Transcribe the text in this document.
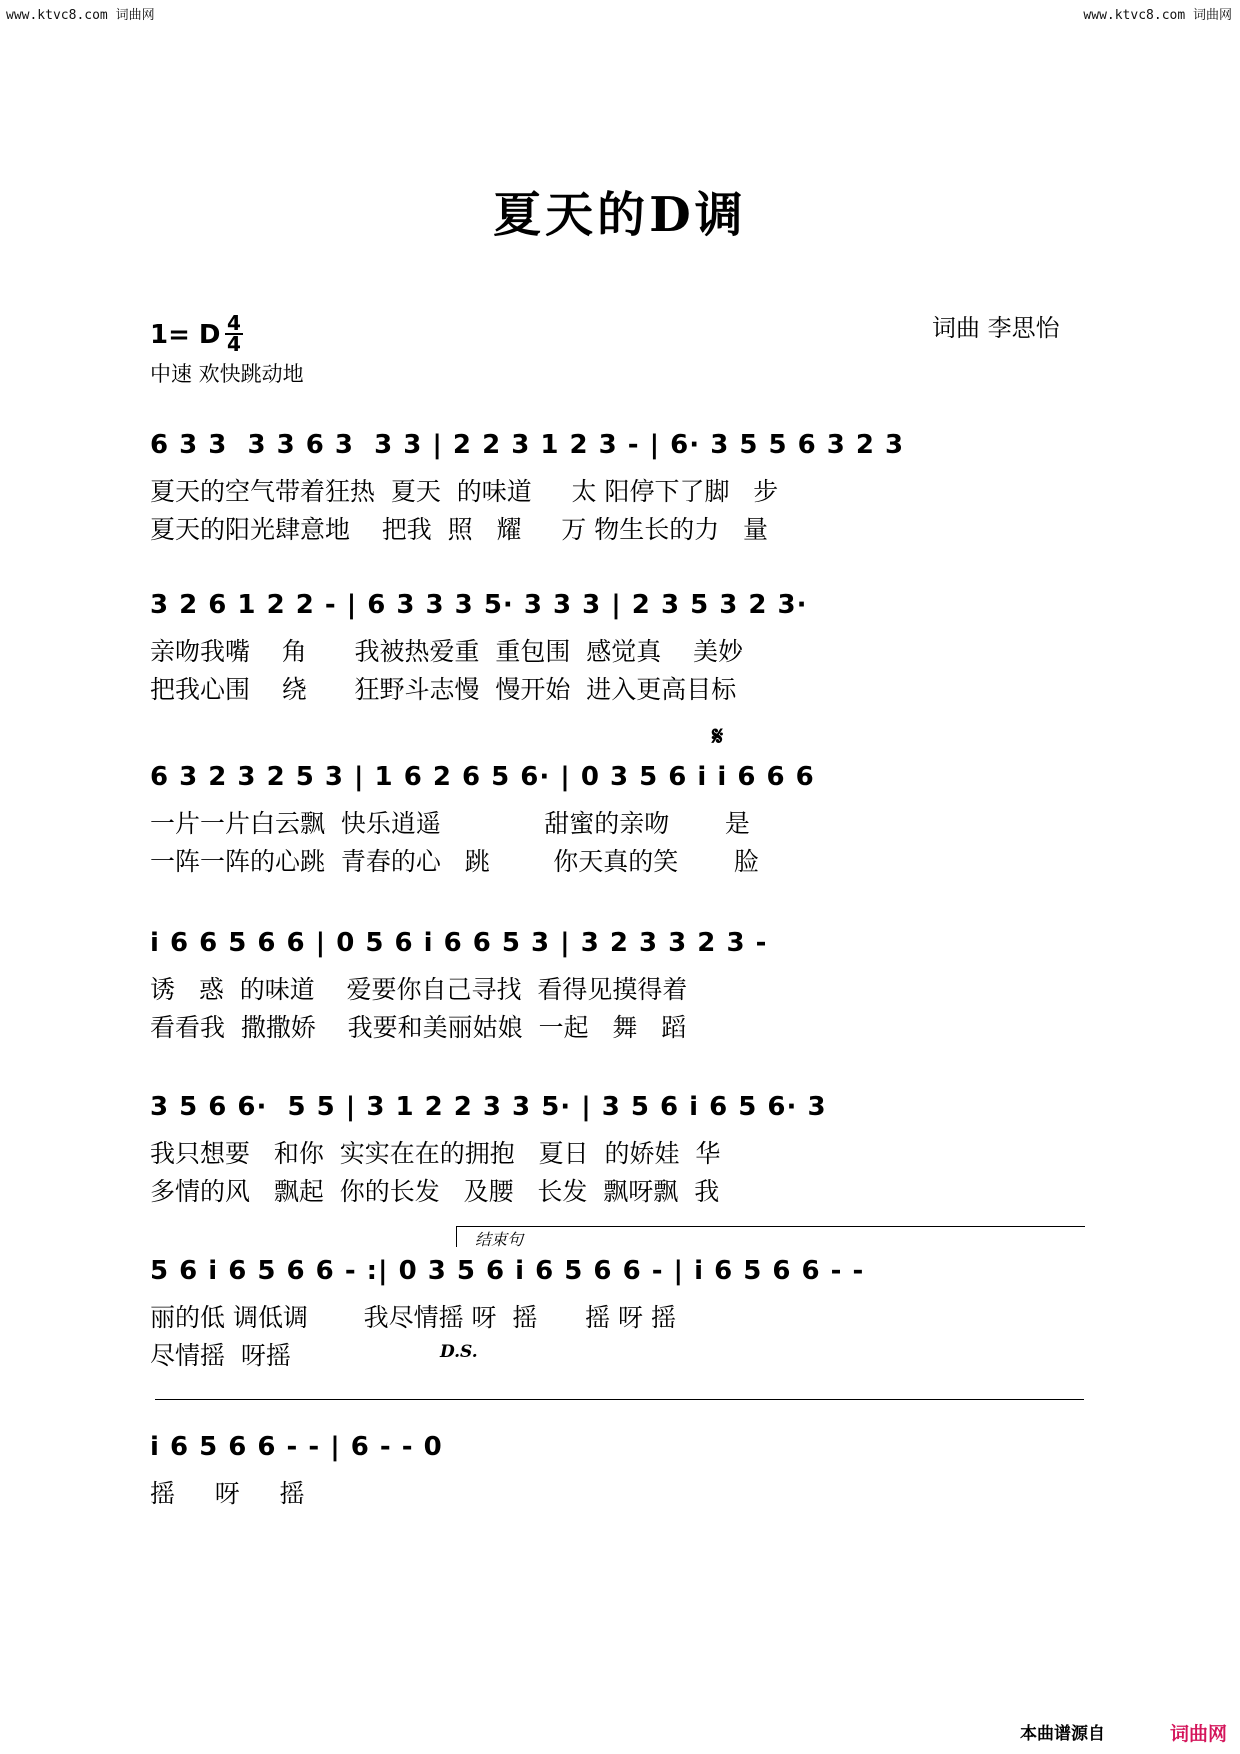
www.ktvc8.com 词曲网	www.ktvc8.com 词曲网
夏天的D调
1= D 4
4
中速 欢快跳动地
词曲 李思怡
6 3 3  3 3 6 3  3 3 | 2 2 3 1 2 3 - | 6· 3 5 5 6 3 2 3
夏天的空气带着狂热  夏天  的味道     太 阳停下了脚   步
夏天的阳光肆意地    把我  照   耀     万 物生长的力   量
3 2 6 1 2 2 - | 6 3 3 3 5· 3 3 3 | 2 3 5 3 2 3·
亲吻我嘴    角      我被热爱重  重包围  感觉真    美妙
把我心围    绕      狂野斗志慢  慢开始  进入更高目标
𝄋
6 3 2 3 2 5 3 | 1 6 2 6 5 6· | 0 3 5 6 i i 6 6 6
一片一片白云飘  快乐逍遥             甜蜜的亲吻       是
一阵一阵的心跳  青春的心   跳        你天真的笑       脸
i 6 6 5 6 6 | 0 5 6 i 6 6 5 3 | 3 2 3 3 2 3 -
诱   惑  的味道    爱要你自己寻找  看得见摸得着
看看我  撒撒娇    我要和美丽姑娘  一起   舞   蹈
3 5 6 6·  5 5 | 3 1 2 2 3 3 5· | 3 5 6 i 6 5 6· 3
我只想要   和你  实实在在的拥抱   夏日  的娇娃  华
多情的风   飘起  你的长发   及腰   长发  飘呀飘  我
结束句
5 6 i 6 5 6 6 - :| 0 3 5 6 i 6 5 6 6 - | i 6 5 6 6 - -
丽的低 调低调       我尽情摇 呀  摇      摇 呀 摇
尽情摇  呀摇	D.S.
i 6 5 6 6 - - | 6 - - 0
摇     呀     摇
本曲谱源自	词曲网
